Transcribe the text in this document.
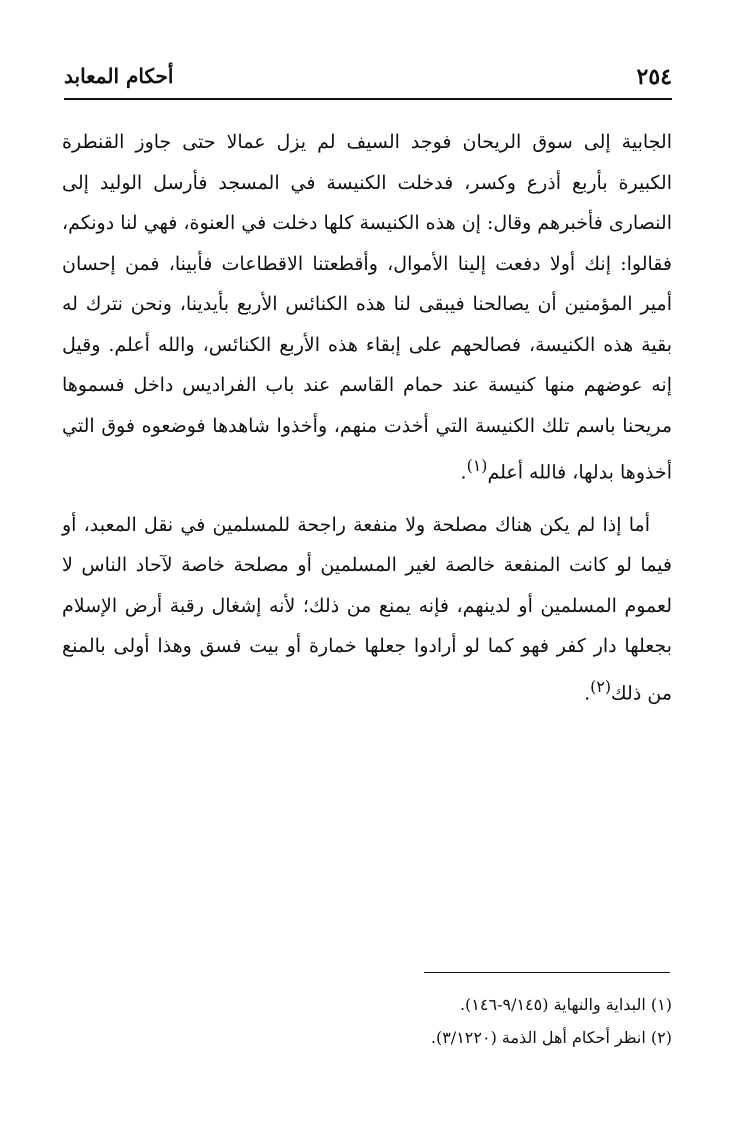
أحكام المعابد	٢٥٤

الجابية إلى سوق الريحان فوجد السيف لم يزل عمالا حتى جاوز القنطرة الكبيرة بأربع أذرع وكسر، فدخلت الكنيسة في المسجد فأرسل الوليد إلى النصارى فأخبرهم وقال: إن هذه الكنيسة كلها دخلت في العنوة، فهي لنا دونكم، فقالوا: إنك أولا دفعت إلينا الأموال، وأقطعتنا الاقطاعات فأبينا، فمن إحسان أمير المؤمنين أن يصالحنا فيبقى لنا هذه الكنائس الأربع بأيدينا، ونحن نترك له بقية هذه الكنيسة، فصالحهم على إبقاء هذه الأربع الكنائس، والله أعلم. وقيل إنه عوضهم منها كنيسة عند حمام القاسم عند باب الفراديس داخل فسموها مريحنا باسم تلك الكنيسة التي أخذت منهم، وأخذوا شاهدها فوضعوه فوق التي أخذوها بدلها، فالله أعلم$^{(١)}$.

أما إذا لم يكن هناك مصلحة ولا منفعة راجحة للمسلمين في نقل المعبد، أو فيما لو كانت المنفعة خالصة لغير المسلمين أو مصلحة خاصة لآحاد الناس لا لعموم المسلمين أو لدينهم، فإنه يمنع من ذلك؛ لأنه إشغال رقبة أرض الإسلام بجعلها دار كفر فهو كما لو أرادوا جعلها خمارة أو بيت فسق وهذا أولى بالمنع من ذلك$^{(٢)}$.

(١) البداية والنهاية (٩/١٤٥-١٤٦).
(٢) انظر أحكام أهل الذمة (٣/١٢٢٠).
